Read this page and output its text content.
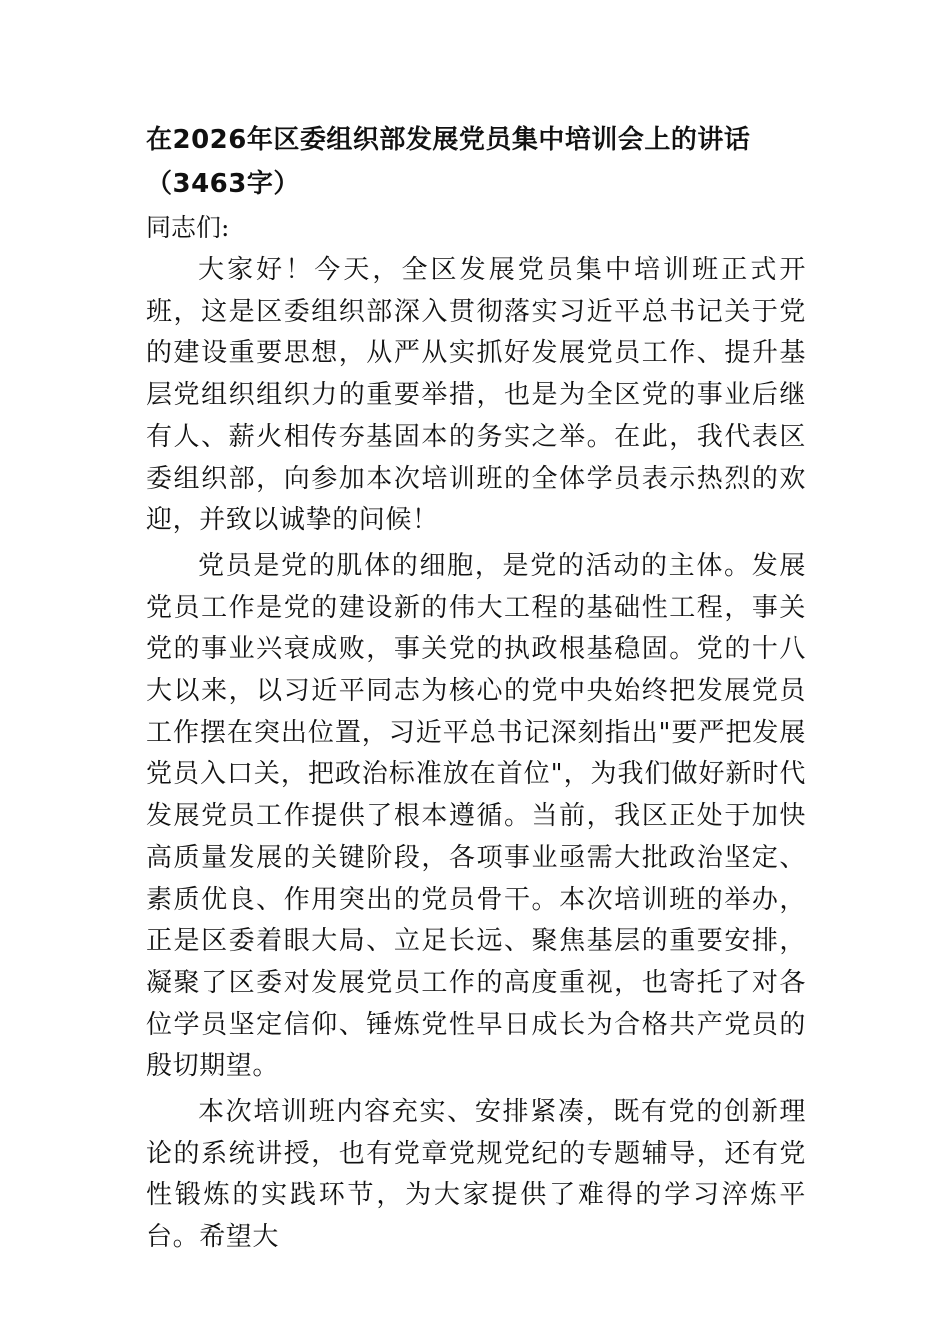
在2026年区委组织部发展党员集中培训会上的讲话（3463字）

同志们:

大家好！今天，全区发展党员集中培训班正式开班，这是区委组织部深入贯彻落实习近平总书记关于党的建设重要思想，从严从实抓好发展党员工作、提升基层党组织组织力的重要举措，也是为全区党的事业后继有人、薪火相传夯基固本的务实之举。在此，我代表区委组织部，向参加本次培训班的全体学员表示热烈的欢迎，并致以诚挚的问候！

党员是党的肌体的细胞，是党的活动的主体。发展党员工作是党的建设新的伟大工程的基础性工程，事关党的事业兴衰成败，事关党的执政根基稳固。党的十八大以来，以习近平同志为核心的党中央始终把发展党员工作摆在突出位置，习近平总书记深刻指出"要严把发展党员入口关，把政治标准放在首位"，为我们做好新时代发展党员工作提供了根本遵循。当前，我区正处于加快高质量发展的关键阶段，各项事业亟需大批政治坚定、素质优良、作用突出的党员骨干。本次培训班的举办，正是区委着眼大局、立足长远、聚焦基层的重要安排，凝聚了区委对发展党员工作的高度重视，也寄托了对各位学员坚定信仰、锤炼党性早日成长为合格共产党员的殷切期望。

本次培训班内容充实、安排紧凑，既有党的创新理论的系统讲授，也有党章党规党纪的专题辅导，还有党性锻炼的实践环节，为大家提供了难得的学习淬炼平台。希望大
